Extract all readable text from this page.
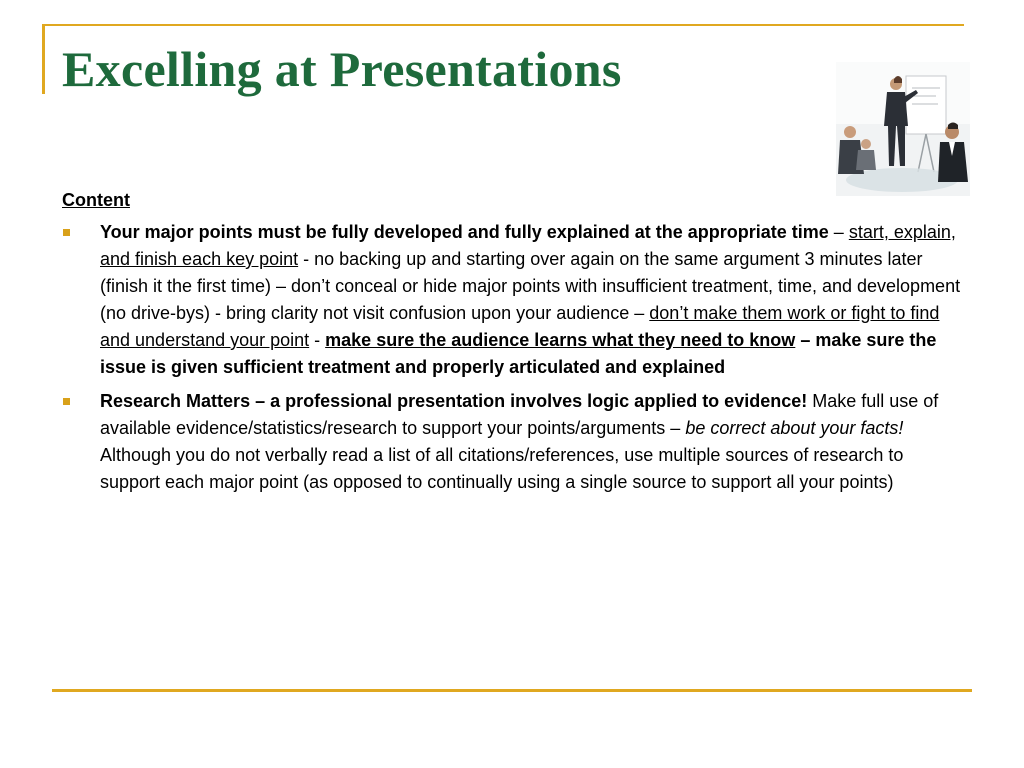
Excelling at Presentations

Content

Your major points must be fully developed and fully explained at the appropriate time – start, explain, and finish each key point - no backing up and starting over again on the same argument 3 minutes later (finish it the first time) – don’t conceal or hide major points with insufficient treatment, time, and development (no drive-bys) - bring clarity not visit confusion upon your audience – don’t make them work or fight to find and understand your point - make sure the audience learns what they need to know – make sure the issue is given sufficient treatment and properly articulated and explained
Research Matters – a professional presentation involves logic applied to evidence! Make full use of available evidence/statistics/research to support your points/arguments – be correct about your facts! Although you do not verbally read a list of all citations/references, use multiple sources of research to support each major point (as opposed to continually using a single source to support all your points)
